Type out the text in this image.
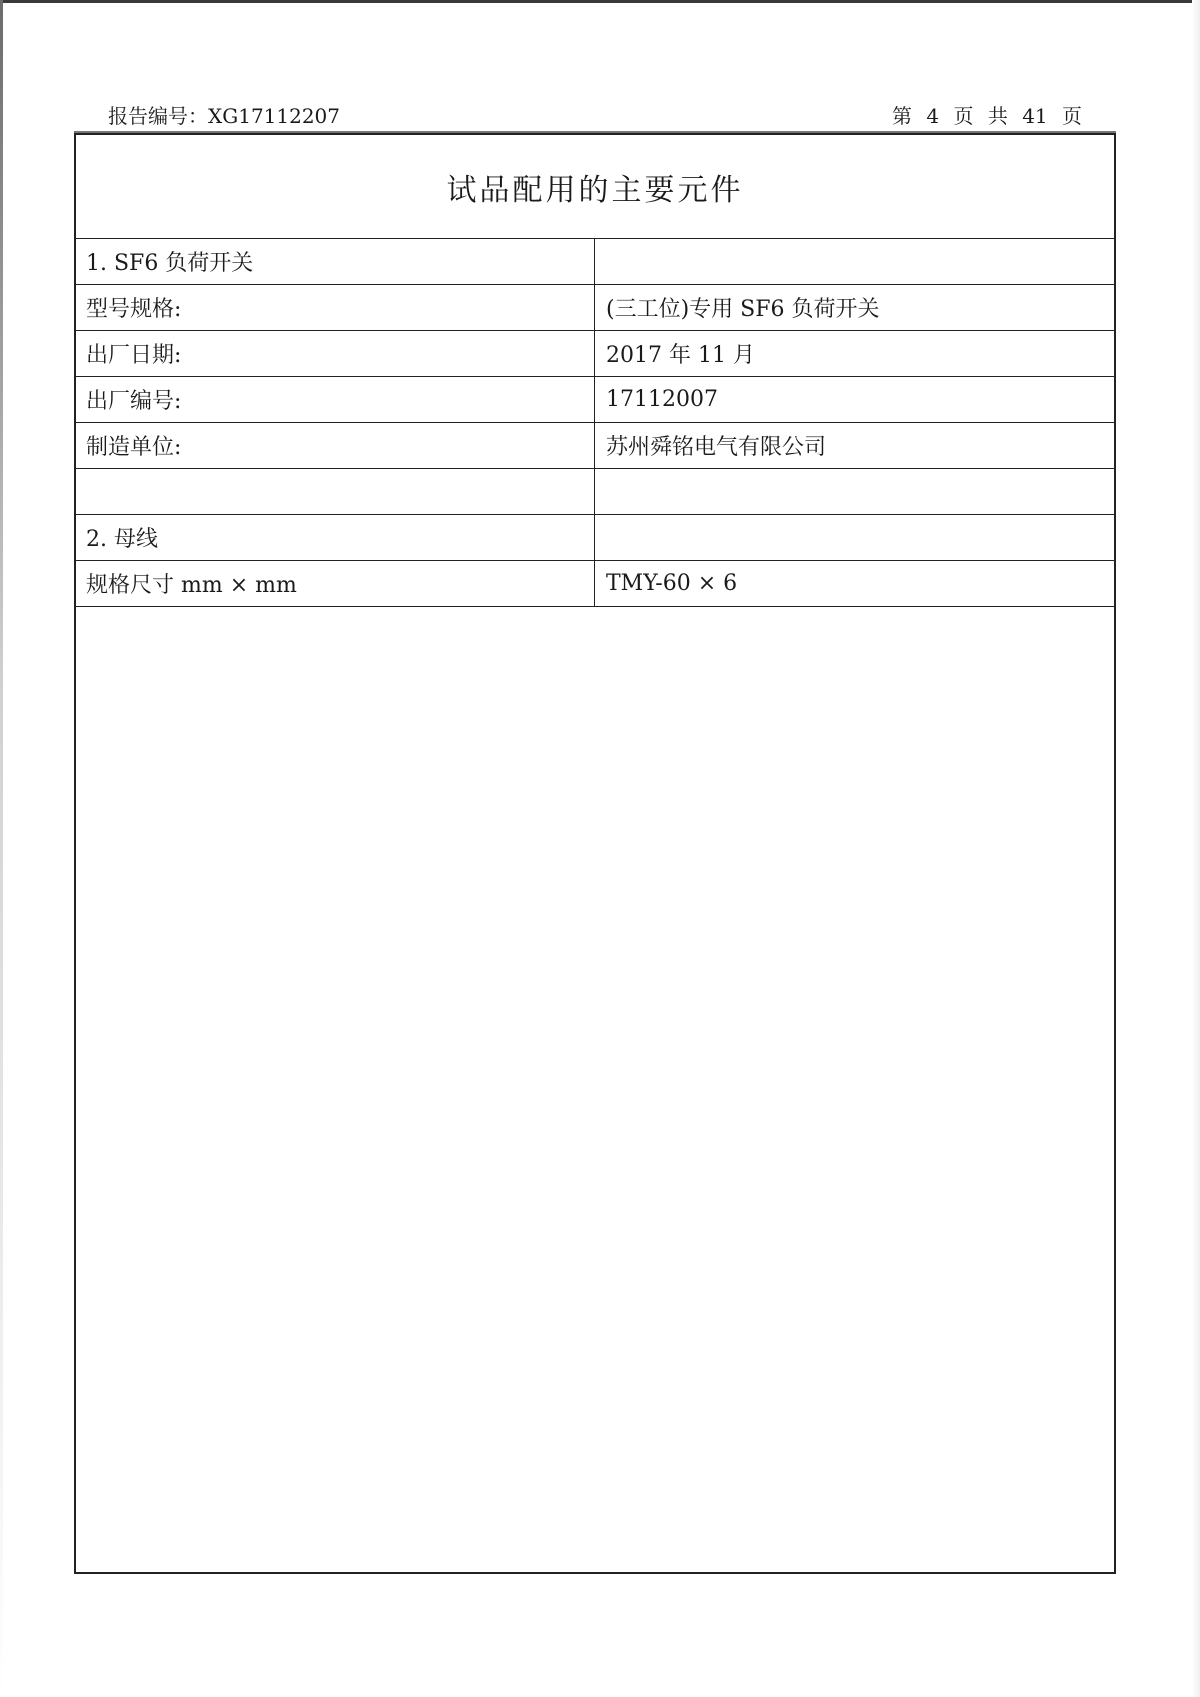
报告编号：XG17112207	第 4 页 共 41 页
试品配用的主要元件
1. SF6 负荷开关
型号规格:	(三工位)专用 SF6 负荷开关
出厂日期:	2017 年 11 月
出厂编号:	17112007
制造单位:	苏州舜铭电气有限公司
2. 母线
规格尺寸 mm × mm	TMY-60 × 6
